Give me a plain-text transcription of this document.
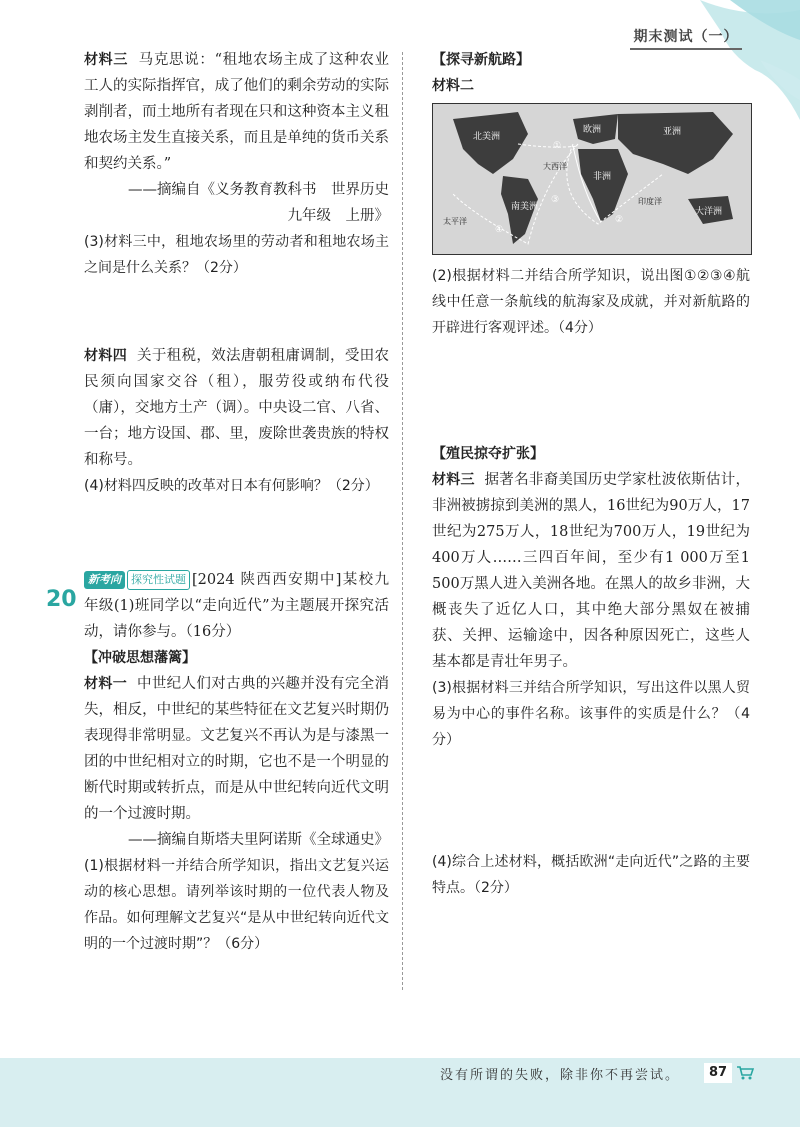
期末测试（一）

材料三 马克思说：“租地农场主成了这种农业工人的实际指挥官，成了他们的剩余劳动的实际剥削者，而土地所有者现在只和这种资本主义租地农场主发生直接关系，而且是单纯的货币关系和契约关系。”

——摘编自《义务教育教科书　世界历史

九年级　上册》

(3)材料三中，租地农场里的劳动者和租地农场主之间是什么关系？（2分）

材料四 关于租税，效法唐朝租庸调制，受田农民须向国家交谷（租），服劳役或纳布代役（庸），交地方土产（调）。中央设二官、八省、一台；地方设国、郡、里，废除世袭贵族的特权和称号。

(4)材料四反映的改革对日本有何影响？（2分）

新考向 探究性试题 [2024 陕西西安期中]某校九年级(1)班同学以“走向近代”为主题展开探究活动，请你参与。（16分）

【冲破思想藩篱】

材料一 中世纪人们对古典的兴趣并没有完全消失，相反，中世纪的某些特征在文艺复兴时期仍表现得非常明显。文艺复兴不再认为是与漆黑一团的中世纪相对立的时期，它也不是一个明显的断代时期或转折点，而是从中世纪转向近代文明的一个过渡时期。

——摘编自斯塔夫里阿诺斯《全球通史》

(1)根据材料一并结合所学知识，指出文艺复兴运动的核心思想。请列举该时期的一位代表人物及作品。如何理解文艺复兴“是从中世纪转向近代文明的一个过渡时期”？（6分）

20

【探寻新航路】

材料二

北美洲
南美洲
欧洲
非洲
亚洲
大洋洲
太平洋
大西洋
印度洋
①
②
③
④

(2)根据材料二并结合所学知识，说出图①②③④航线中任意一条航线的航海家及成就，并对新航路的开辟进行客观评述。（4分）

【殖民掠夺扩张】

材料三 据著名非裔美国历史学家杜波依斯估计，非洲被掳掠到美洲的黑人，16世纪为90万人，17世纪为275万人，18世纪为700万人，19世纪为400万人……三四百年间，至少有1 000万至1 500万黑人进入美洲各地。在黑人的故乡非洲，大概丧失了近亿人口，其中绝大部分黑奴在被捕获、关押、运输途中，因各种原因死亡，这些人基本都是青壮年男子。

(3)根据材料三并结合所学知识，写出这件以黑人贸易为中心的事件名称。该事件的实质是什么？（4分）

(4)综合上述材料，概括欧洲“走向近代”之路的主要特点。（2分）

没有所谓的失败，除非你不再尝试。	87
